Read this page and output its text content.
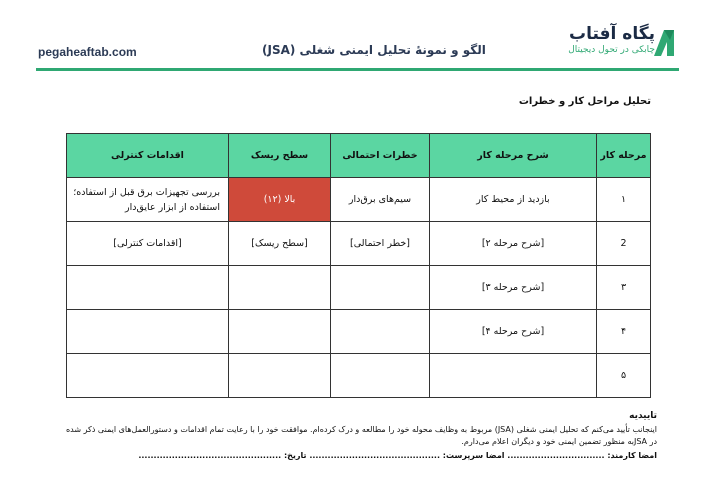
pegaheaftab.com	الگو و نمونهٔ تحلیل ایمنی شغلی (JSA)
پگاه آفتاب
چابکی در تحول دیجیتال
تحلیل مراحل کار و خطرات
مرحله کار	شرح مرحله کار	خطرات احتمالی	سطح ریسک	اقدامات کنترلی
۱	بازدید از محیط کار	سیم‌های برق‌دار	بالا (۱۲)	بررسی تجهیزات برق قبل از استفاده؛ استفاده از ابزار عایق‌دار
2	[شرح مرحله ۲]	[خطر احتمالی]	[سطح ریسک]	[اقدامات کنترلی]
۳	[شرح مرحله ۳]			
۴	[شرح مرحله ۴]			
۵				
تاییدیه
اینجانب تأیید می‌کنم که تحلیل ایمنی شغلی (JSA) مربوط به وظایف محوله خود را مطالعه و درک کرده‌ام. موافقت خود را با رعایت تمام اقدامات و دستورالعمل‌های ایمنی ذکر شده در JSAبه منظور تضمین ایمنی خود و دیگران اعلام می‌دارم.
امضا کارمند: ................................ امضا سرپرست: ........................................... تاریخ: ...............................................
